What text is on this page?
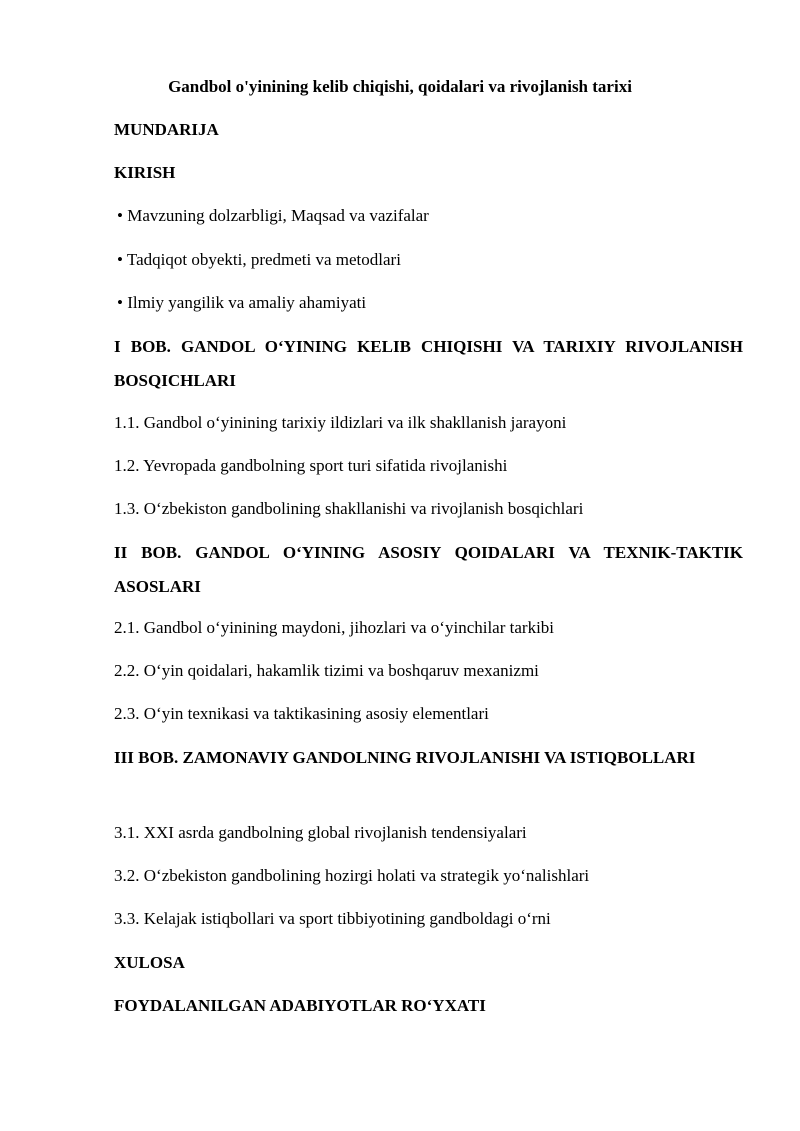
Gandbol o'yinining kelib chiqishi, qoidalari va rivojlanish tarixi
MUNDARIJA
KIRISH
• Mavzuning dolzarbligi, Maqsad va vazifalar
• Tadqiqot obyekti, predmeti va metodlari
• Ilmiy yangilik va amaliy ahamiyati
I BOB. GANDOL O‘YINING KELIB CHIQISHI VA TARIXIY RIVOJLANISH BOSQICHLARI
1.1. Gandbol o‘yinining tarixiy ildizlari va ilk shakllanish jarayoni
1.2. Yevropada gandbolning sport turi sifatida rivojlanishi
1.3. O‘zbekiston gandbolining shakllanishi va rivojlanish bosqichlari
II BOB. GANDOL O‘YINING ASOSIY QOIDALARI VA TEXNIK-TAKTIK ASOSLARI
2.1. Gandbol o‘yinining maydoni, jihozlari va o‘yinchilar tarkibi
2.2. O‘yin qoidalari, hakamlik tizimi va boshqaruv mexanizmi
2.3. O‘yin texnikasi va taktikasining asosiy elementlari
III BOB. ZAMONAVIY GANDOLNING RIVOJLANISHI VA ISTIQBOLLARI
3.1. XXI asrda gandbolning global rivojlanish tendensiyalari
3.2. O‘zbekiston gandbolining hozirgi holati va strategik yo‘nalishlari
3.3. Kelajak istiqbollari va sport tibbiyotining gandboldagi o‘rni
XULOSA
FOYDALANILGAN ADABIYOTLAR RO‘YXATI
